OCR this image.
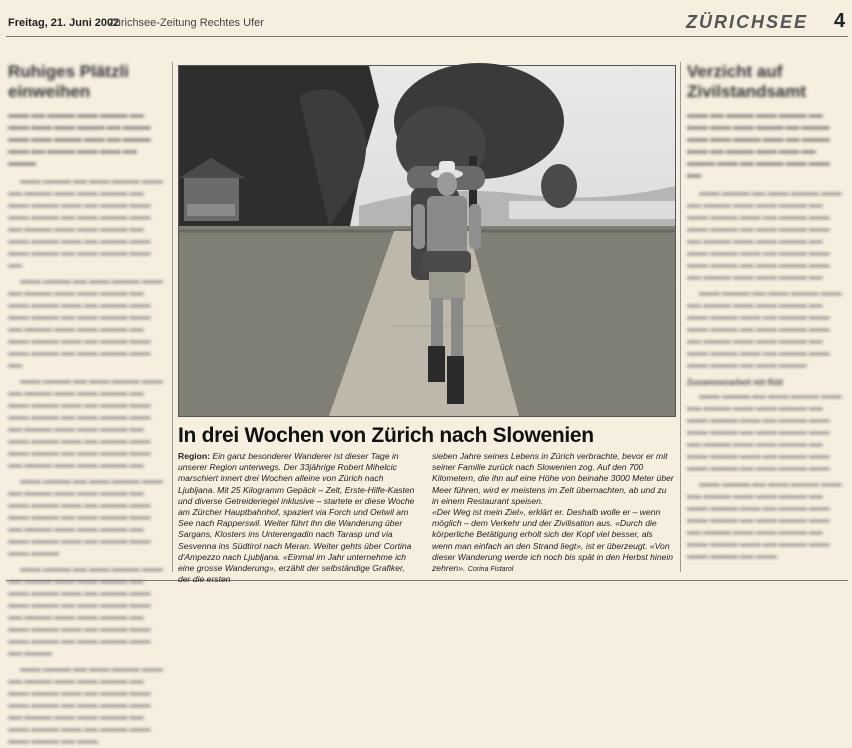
Freitag, 21. Juni 2002
Zürichsee-Zeitung Rechtes Ufer	ZÜRICHSEE 4
Ruhiges Plätzli einweihen
▬▬▬ ▬▬ ▬▬▬▬ ▬▬▬ ▬▬▬▬ ▬▬ ▬▬▬ ▬▬▬ ▬▬▬ ▬▬▬▬ ▬▬ ▬▬▬▬ ▬▬▬ ▬▬▬ ▬▬▬▬ ▬▬▬ ▬▬ ▬▬▬▬ ▬▬▬ ▬▬ ▬▬▬▬ ▬▬▬ ▬▬▬ ▬▬ ▬▬▬▬

▬▬▬ ▬▬▬▬ ▬▬ ▬▬▬ ▬▬▬▬ ▬▬▬ ▬▬ ▬▬▬▬ ▬▬▬ ▬▬▬ ▬▬▬▬ ▬▬ ▬▬▬ ▬▬▬▬ ▬▬▬ ▬▬ ▬▬▬▬ ▬▬▬ ▬▬▬ ▬▬▬▬ ▬▬ ▬▬▬ ▬▬▬▬ ▬▬▬ ▬▬ ▬▬▬▬ ▬▬▬ ▬▬▬ ▬▬▬▬ ▬▬ ▬▬▬ ▬▬▬▬ ▬▬▬ ▬▬ ▬▬▬▬ ▬▬▬ ▬▬▬ ▬▬▬▬ ▬▬ ▬▬▬ ▬▬▬▬ ▬▬▬ ▬▬

▬▬▬ ▬▬▬▬ ▬▬ ▬▬▬ ▬▬▬▬ ▬▬▬ ▬▬ ▬▬▬▬ ▬▬▬ ▬▬▬ ▬▬▬▬ ▬▬ ▬▬▬ ▬▬▬▬ ▬▬▬ ▬▬ ▬▬▬▬ ▬▬▬ ▬▬▬ ▬▬▬▬ ▬▬ ▬▬▬ ▬▬▬▬ ▬▬▬ ▬▬ ▬▬▬▬ ▬▬▬ ▬▬▬ ▬▬▬▬ ▬▬ ▬▬▬ ▬▬▬▬ ▬▬▬ ▬▬ ▬▬▬▬ ▬▬▬ ▬▬▬ ▬▬▬▬ ▬▬ ▬▬▬ ▬▬▬▬ ▬▬▬ ▬▬

▬▬▬ ▬▬▬▬ ▬▬ ▬▬▬ ▬▬▬▬ ▬▬▬ ▬▬ ▬▬▬▬ ▬▬▬ ▬▬▬ ▬▬▬▬ ▬▬ ▬▬▬ ▬▬▬▬ ▬▬▬ ▬▬ ▬▬▬▬ ▬▬▬ ▬▬▬ ▬▬▬▬ ▬▬ ▬▬▬ ▬▬▬▬ ▬▬▬ ▬▬ ▬▬▬▬ ▬▬▬ ▬▬▬ ▬▬▬▬ ▬▬ ▬▬▬ ▬▬▬▬ ▬▬▬ ▬▬ ▬▬▬▬ ▬▬▬ ▬▬▬ ▬▬▬▬ ▬▬ ▬▬▬ ▬▬▬▬ ▬▬▬ ▬▬ ▬▬▬▬ ▬▬▬ ▬▬▬ ▬▬▬▬ ▬▬

▬▬▬ ▬▬▬▬ ▬▬ ▬▬▬ ▬▬▬▬ ▬▬▬ ▬▬ ▬▬▬▬ ▬▬▬ ▬▬▬ ▬▬▬▬ ▬▬ ▬▬▬ ▬▬▬▬ ▬▬▬ ▬▬ ▬▬▬▬ ▬▬▬ ▬▬▬ ▬▬▬▬ ▬▬ ▬▬▬ ▬▬▬▬ ▬▬▬ ▬▬ ▬▬▬▬ ▬▬▬ ▬▬▬ ▬▬▬▬ ▬▬ ▬▬▬ ▬▬▬▬ ▬▬▬ ▬▬ ▬▬▬▬ ▬▬▬ ▬▬▬ ▬▬▬▬

▬▬▬ ▬▬▬▬ ▬▬ ▬▬▬ ▬▬▬▬ ▬▬▬ ▬▬ ▬▬▬▬ ▬▬▬ ▬▬▬ ▬▬▬▬ ▬▬ ▬▬▬ ▬▬▬▬ ▬▬▬ ▬▬ ▬▬▬▬ ▬▬▬ ▬▬▬ ▬▬▬▬ ▬▬ ▬▬▬ ▬▬▬▬ ▬▬▬ ▬▬ ▬▬▬▬ ▬▬▬ ▬▬▬ ▬▬▬▬ ▬▬ ▬▬▬ ▬▬▬▬ ▬▬▬ ▬▬ ▬▬▬▬ ▬▬▬ ▬▬▬ ▬▬▬▬ ▬▬ ▬▬▬ ▬▬▬▬ ▬▬▬ ▬▬ ▬▬▬▬

▬▬▬ ▬▬▬▬ ▬▬ ▬▬▬ ▬▬▬▬ ▬▬▬ ▬▬ ▬▬▬▬ ▬▬▬ ▬▬▬ ▬▬▬▬ ▬▬ ▬▬▬ ▬▬▬▬ ▬▬▬ ▬▬ ▬▬▬▬ ▬▬▬ ▬▬▬ ▬▬▬▬ ▬▬ ▬▬▬ ▬▬▬▬ ▬▬▬ ▬▬ ▬▬▬▬ ▬▬▬ ▬▬▬ ▬▬▬▬ ▬▬ ▬▬▬ ▬▬▬▬ ▬▬▬ ▬▬ ▬▬▬▬ ▬▬▬ ▬▬▬ ▬▬▬▬ ▬▬ ▬▬▬

In drei Wochen von Zürich nach Slowenien

Region: Ein ganz besonderer Wanderer ist dieser Tage in unserer Region unterwegs. Der 33jährige Robert Mihelcic marschiert innert drei Wochen alleine von Zürich nach Ljubljana. Mit 25 Kilogramm Gepäck – Zelt, Erste-Hilfe-Kasten und diverse Getreideriegel inklusive – startete er diese Woche am Zürcher Hauptbahnhof, spaziert via Forch und Oetwil am See nach Rapperswil. Weiter führt ihn die Wanderung über Sargans, Klosters ins Unterengadin nach Tarasp und via Sesvenna ins Südtirol nach Meran. Weiter gehts über Cortina d'Ampezzo nach Ljubljana. «Einmal im Jahr unternehme ich eine grosse Wanderung», erzählt der selbständige Grafiker, der die ersten

sieben Jahre seines Lebens in Zürich verbrachte, bevor er mit seiner Familie zurück nach Slowenien zog. Auf den 700 Kilometern, die ihn auf eine Höhe von beinahe 3000 Meter über Meer führen, wird er meistens im Zelt übernachten, ab und zu in einem Restaurant speisen.

«Der Weg ist mein Ziel», erklärt er. Deshalb wolle er – wenn möglich – dem Verkehr und der Zivilisation aus. «Durch die körperliche Betätigung erholt sich der Kopf viel besser, als wenn man einfach an den Strand liegt», ist er überzeugt. «Von dieser Wanderung werde ich noch bis spät in den Herbst hinein zehren». Corina Fistarol

Verzicht auf Zivilstandsamt
▬▬▬ ▬▬ ▬▬▬▬ ▬▬▬ ▬▬▬▬ ▬▬ ▬▬▬ ▬▬▬ ▬▬▬ ▬▬▬▬ ▬▬ ▬▬▬▬ ▬▬▬ ▬▬▬ ▬▬▬▬ ▬▬▬ ▬▬ ▬▬▬▬ ▬▬▬ ▬▬ ▬▬▬▬ ▬▬▬ ▬▬▬ ▬▬ ▬▬▬▬ ▬▬▬ ▬▬ ▬▬▬▬ ▬▬▬ ▬▬▬ ▬▬

▬▬▬ ▬▬▬▬ ▬▬ ▬▬▬ ▬▬▬▬ ▬▬▬ ▬▬ ▬▬▬▬ ▬▬▬ ▬▬▬ ▬▬▬▬ ▬▬ ▬▬▬ ▬▬▬▬ ▬▬▬ ▬▬ ▬▬▬▬ ▬▬▬ ▬▬▬ ▬▬▬▬ ▬▬ ▬▬▬ ▬▬▬▬ ▬▬▬ ▬▬ ▬▬▬▬ ▬▬▬ ▬▬▬ ▬▬▬▬ ▬▬ ▬▬▬ ▬▬▬▬ ▬▬▬ ▬▬ ▬▬▬▬ ▬▬▬ ▬▬▬ ▬▬▬▬ ▬▬ ▬▬▬ ▬▬▬▬ ▬▬▬ ▬▬ ▬▬▬▬ ▬▬▬ ▬▬▬ ▬▬▬▬ ▬▬

▬▬▬ ▬▬▬▬ ▬▬ ▬▬▬ ▬▬▬▬ ▬▬▬ ▬▬ ▬▬▬▬ ▬▬▬ ▬▬▬ ▬▬▬▬ ▬▬ ▬▬▬ ▬▬▬▬ ▬▬▬ ▬▬ ▬▬▬▬ ▬▬▬ ▬▬▬ ▬▬▬▬ ▬▬ ▬▬▬ ▬▬▬▬ ▬▬▬ ▬▬ ▬▬▬▬ ▬▬▬ ▬▬▬ ▬▬▬▬ ▬▬ ▬▬▬ ▬▬▬▬ ▬▬▬ ▬▬ ▬▬▬▬ ▬▬▬ ▬▬▬ ▬▬▬▬ ▬▬ ▬▬▬ ▬▬▬▬

Zusammenarbeit mit Rüti

▬▬▬ ▬▬▬▬ ▬▬ ▬▬▬ ▬▬▬▬ ▬▬▬ ▬▬ ▬▬▬▬ ▬▬▬ ▬▬▬ ▬▬▬▬ ▬▬ ▬▬▬ ▬▬▬▬ ▬▬▬ ▬▬ ▬▬▬▬ ▬▬▬ ▬▬▬ ▬▬▬▬ ▬▬ ▬▬▬ ▬▬▬▬ ▬▬▬ ▬▬ ▬▬▬▬ ▬▬▬ ▬▬▬ ▬▬▬▬ ▬▬ ▬▬▬ ▬▬▬▬ ▬▬▬ ▬▬ ▬▬▬▬ ▬▬▬ ▬▬▬ ▬▬▬▬ ▬▬ ▬▬▬ ▬▬▬▬ ▬▬▬

▬▬▬ ▬▬▬▬ ▬▬ ▬▬▬ ▬▬▬▬ ▬▬▬ ▬▬ ▬▬▬▬ ▬▬▬ ▬▬▬ ▬▬▬▬ ▬▬ ▬▬▬ ▬▬▬▬ ▬▬▬ ▬▬ ▬▬▬▬ ▬▬▬ ▬▬▬ ▬▬▬▬ ▬▬ ▬▬▬ ▬▬▬▬ ▬▬▬ ▬▬ ▬▬▬▬ ▬▬▬ ▬▬▬ ▬▬▬▬ ▬▬ ▬▬▬ ▬▬▬▬ ▬▬▬ ▬▬ ▬▬▬▬ ▬▬▬ ▬▬▬ ▬▬▬▬ ▬▬ ▬▬▬
